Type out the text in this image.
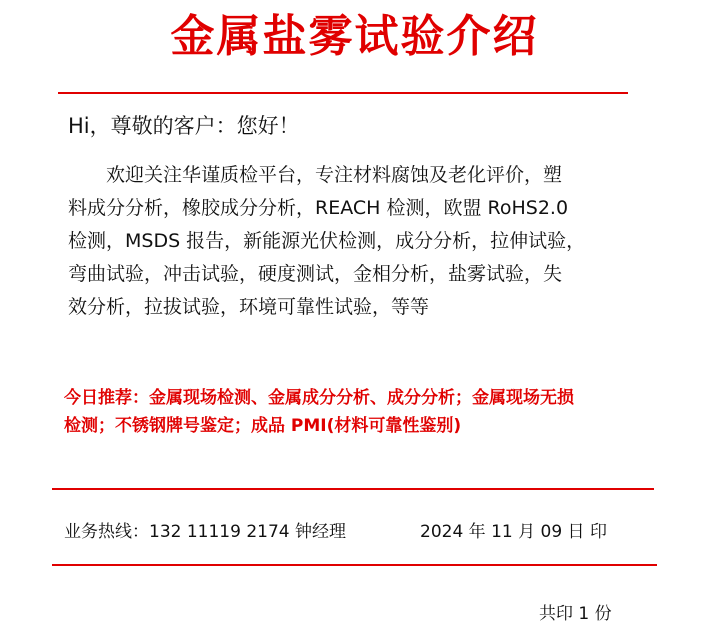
金属盐雾试验介绍
Hi，尊敬的客户：您好！
欢迎关注华谨质检平台，专注材料腐蚀及老化评价，塑
料成分分析，橡胶成分分析，REACH 检测，欧盟 RoHS2.0
检测，MSDS 报告，新能源光伏检测，成分分析，拉伸试验，
弯曲试验，冲击试验，硬度测试，金相分析，盐雾试验，失
效分析，拉拔试验，环境可靠性试验，等等
今日推荐：金属现场检测、金属成分分析、成分分析；金属现场无损
检测；不锈钢牌号鉴定；成品 PMI(材料可靠性鉴别)
业务热线：132 11119 2174 钟经理	2024 年 11 月 09 日 印
共印 1 份
